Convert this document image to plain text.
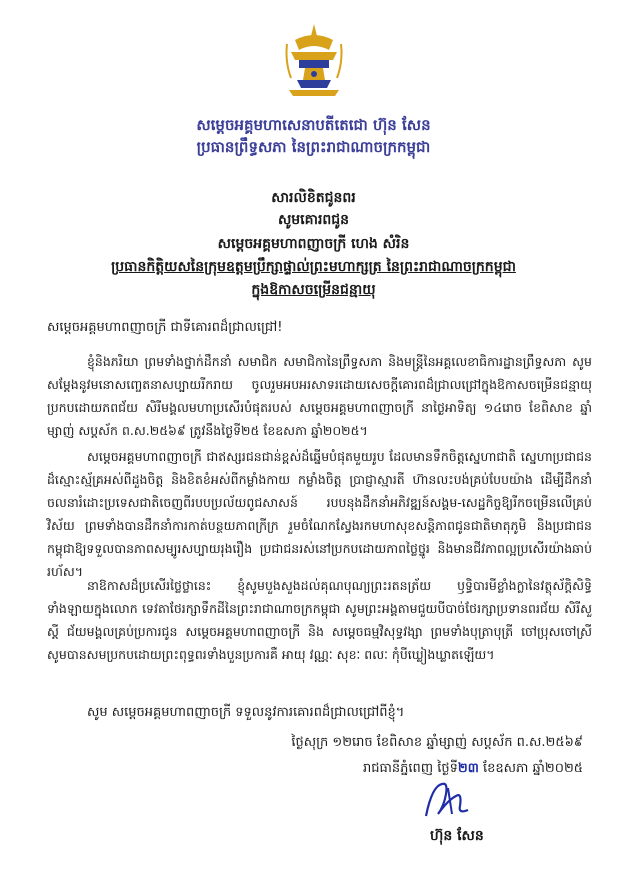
សម្តេចអគ្គមហាសេនាបតីតេជោ ហ៊ុន សែន
ប្រធានព្រឹទ្ធសភា នៃព្រះរាជាណាចក្រកម្ពុជា
សារលិខិតជូនពរ
សូមគោរពជូន
សម្តេចអគ្គមហាពញាចក្រី ហេង សំរិន
ប្រធានកិត្តិយសនៃក្រុមឧត្តមប្រឹក្សាផ្ទាល់ព្រះមហាក្សត្រ នៃព្រះរាជាណាចក្រកម្ពុជា
ក្នុងឱកាសចម្រើនជន្មាយុ
សម្តេចអគ្គមហាពញាចក្រី ជាទីគោរពដ៏ជ្រាលជ្រៅ!
ខ្ញុំនិងភរិយា ព្រមទាំងថ្នាក់ដឹកនាំ សមាជិក សមាជិកានៃព្រឹទ្ធសភា និងមន្ត្រីនៃអគ្គលេខាធិការដ្ឋានព្រឹទ្ធសភា សូមសម្តែងនូវមនោសញ្ចេតនាសប្បាយរីករាយ ចូលរួមអបអរសាទរដោយសេចក្តីគោរពដ៏ជ្រាលជ្រៅក្នុងឱកាសចម្រើនជន្មាយុប្រកបដោយភពជ័យ សិរីមង្គលមហាប្រសើរបំផុតរបស់ សម្តេចអគ្គមហាពញាចក្រី នាថ្ងៃអាទិត្យ ១៤រោច ខែពិសាខ ឆ្នាំម្សាញ់ សប្តស័ក ព.ស.២៥៦៩ ត្រូវនឹងថ្ងៃទី២៥ ខែឧសភា ឆ្នាំ២០២៥។
សម្តេចអគ្គមហាពញាចក្រី ជាឥស្សរជនជាន់ខ្ពស់ដ៏ឆ្នើមបំផុតមួយរូប ដែលមានទឹកចិត្តស្នេហាជាតិ ស្នេហាប្រជាជនដ៏ស្មោះស្ម័គ្រអស់ពីដួងចិត្ត និងខិតខំអស់ពីកម្លាំងកាយ កម្លាំងចិត្ត ប្រាជ្ញាស្មារតី ហ៊ានលះបង់គ្រប់បែបយ៉ាង ដើម្បីដឹកនាំចលនារំដោះប្រទេសជាតិចេញពីរបបប្រល័យពូជសាសន៍ របបនុងដឹកនាំអភិវឌ្ឍន៍សង្គម-សេដ្ឋកិច្ចឱ្យរីកចម្រើនលើគ្រប់វិស័យ ព្រមទាំងបានដឹកនាំការកាត់បន្ថយភាពក្រីក្រ រួមចំណែកស្វែងរកមហាសុខសន្តិភាពជូនជាតិមាតុភូមិ និងប្រជាជនកម្ពុជាឱ្យទទួលបានភាពសម្បូរសប្បាយរុងរឿង ប្រជាជនរស់នៅប្រកបដោយភាពថ្លៃថ្នូរ និងមានជីវភាពល្អប្រសើរយ៉ាងឆាប់រហ័ស។
នាឱកាសដ៏ប្រសើរថ្លៃថ្លានេះ ខ្ញុំសូមបួងសួងដល់គុណបុណ្យព្រះរតនត្រ័យ ឫទ្ធិបារមីខ្លាំងក្លានៃវត្ថុស័ក្តិសិទ្ធិទាំងឡាយក្នុងលោក ទេវតាថែរក្សាទឹកដីនៃព្រះរាជាណាចក្រកម្ពុជា សូមព្រះអង្គតាមជួយបីបាច់ថែរក្សាប្រទានពរជ័យ សិរីសួស្តី ជ័យមង្គលគ្រប់ប្រការជូន សម្តេចអគ្គមហាពញាចក្រី និង សម្តេចធម្មវិសុទ្ធវង្សា ព្រមទាំងបុត្រាបុត្រី ចៅប្រុសចៅស្រី សូមបានសមប្រកបដោយព្រះពុទ្ធពរទាំងបួនប្រការគឺ អាយុ វណ្ណៈ សុខៈ ពលៈ កុំបីឃ្លៀងឃ្លាតឡើយ។
សូម សម្តេចអគ្គមហាពញាចក្រី ទទួលនូវការគោរពដ៏ជ្រាលជ្រៅពីខ្ញុំ។
ថ្ងៃសុក្រ ១២រោច ខែពិសាខ ឆ្នាំម្សាញ់ សប្តស័ក ព.ស.២៥៦៩
រាជធានីភ្នំពេញ ថ្ងៃទី២៣ ខែឧសភា ឆ្នាំ២០២៥
ហ៊ុន សែន
